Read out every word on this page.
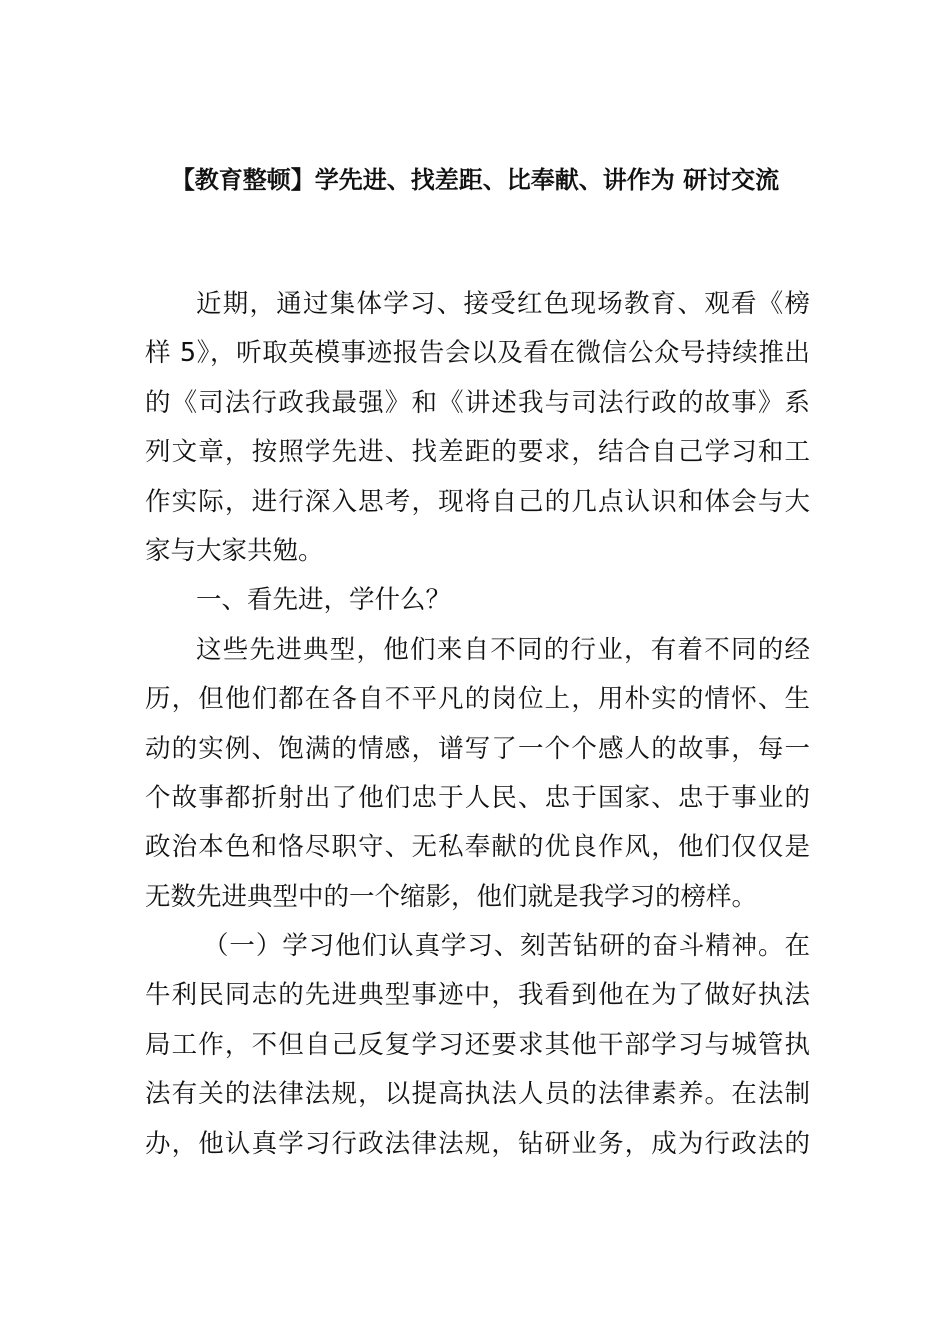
【教育整顿】学先进、找差距、比奉献、讲作为 研讨交流
近期，通过集体学习、接受红色现场教育、观看《榜
样 5》，听取英模事迹报告会以及看在微信公众号持续推出
的《司法行政我最强》和《讲述我与司法行政的故事》系
列文章，按照学先进、找差距的要求，结合自己学习和工
作实际，进行深入思考，现将自己的几点认识和体会与大
家与大家共勉。
一、看先进，学什么？
这些先进典型，他们来自不同的行业，有着不同的经
历，但他们都在各自不平凡的岗位上，用朴实的情怀、生
动的实例、饱满的情感，谱写了一个个感人的故事，每一
个故事都折射出了他们忠于人民、忠于国家、忠于事业的
政治本色和恪尽职守、无私奉献的优良作风，他们仅仅是
无数先进典型中的一个缩影，他们就是我学习的榜样。
（一）学习他们认真学习、刻苦钻研的奋斗精神。在
牛利民同志的先进典型事迹中，我看到他在为了做好执法
局工作，不但自己反复学习还要求其他干部学习与城管执
法有关的法律法规，以提高执法人员的法律素养。在法制
办，他认真学习行政法律法规，钻研业务，成为行政法的
